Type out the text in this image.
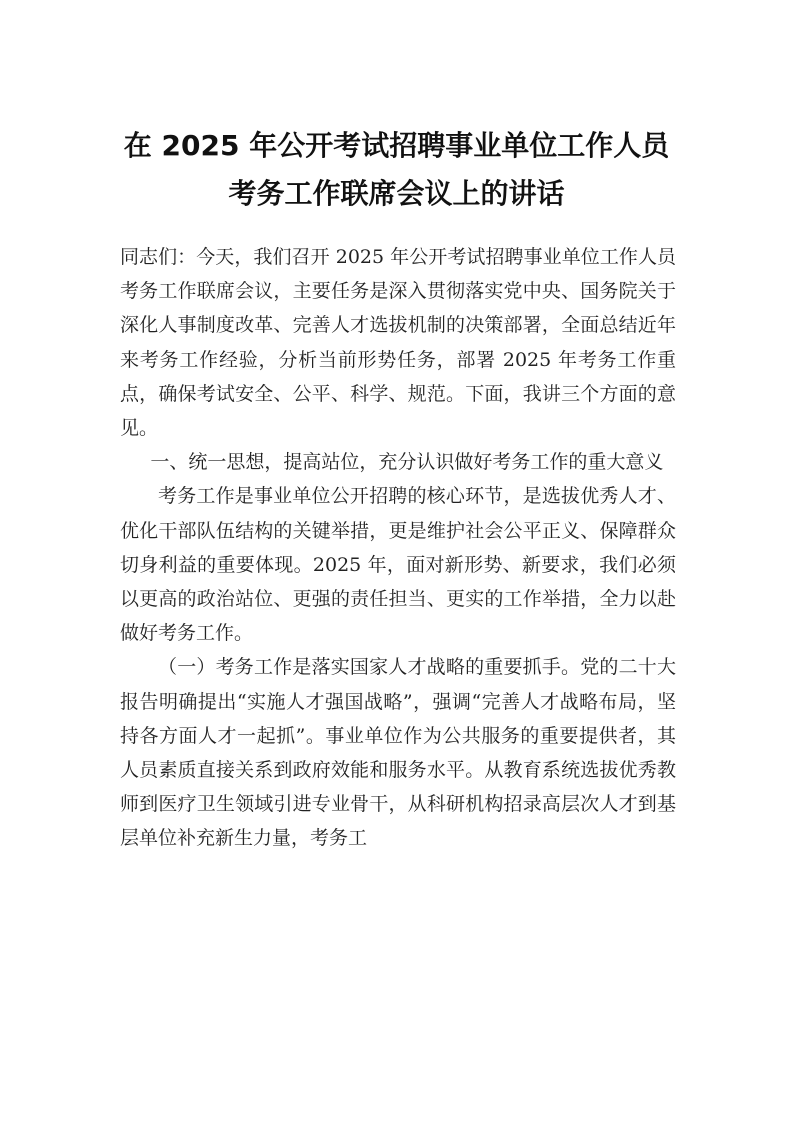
在 2025 年公开考试招聘事业单位工作人员
考务工作联席会议上的讲话

同志们：今天，我们召开 2025 年公开考试招聘事业单位工作人员考务工作联席会议，主要任务是深入贯彻落实党中央、国务院关于深化人事制度改革、完善人才选拔机制的决策部署，全面总结近年来考务工作经验，分析当前形势任务，部署 2025 年考务工作重点，确保考试安全、公平、科学、规范。下面，我讲三个方面的意见。

一、统一思想，提高站位，充分认识做好考务工作的重大意义

考务工作是事业单位公开招聘的核心环节，是选拔优秀人才、优化干部队伍结构的关键举措，更是维护社会公平正义、保障群众切身利益的重要体现。2025 年，面对新形势、新要求，我们必须以更高的政治站位、更强的责任担当、更实的工作举措，全力以赴做好考务工作。

（一）考务工作是落实国家人才战略的重要抓手。党的二十大报告明确提出“实施人才强国战略”，强调“完善人才战略布局，坚持各方面人才一起抓”。事业单位作为公共服务的重要提供者，其人员素质直接关系到政府效能和服务水平。从教育系统选拔优秀教师到医疗卫生领域引进专业骨干，从科研机构招录高层次人才到基层单位补充新生力量，考务工
